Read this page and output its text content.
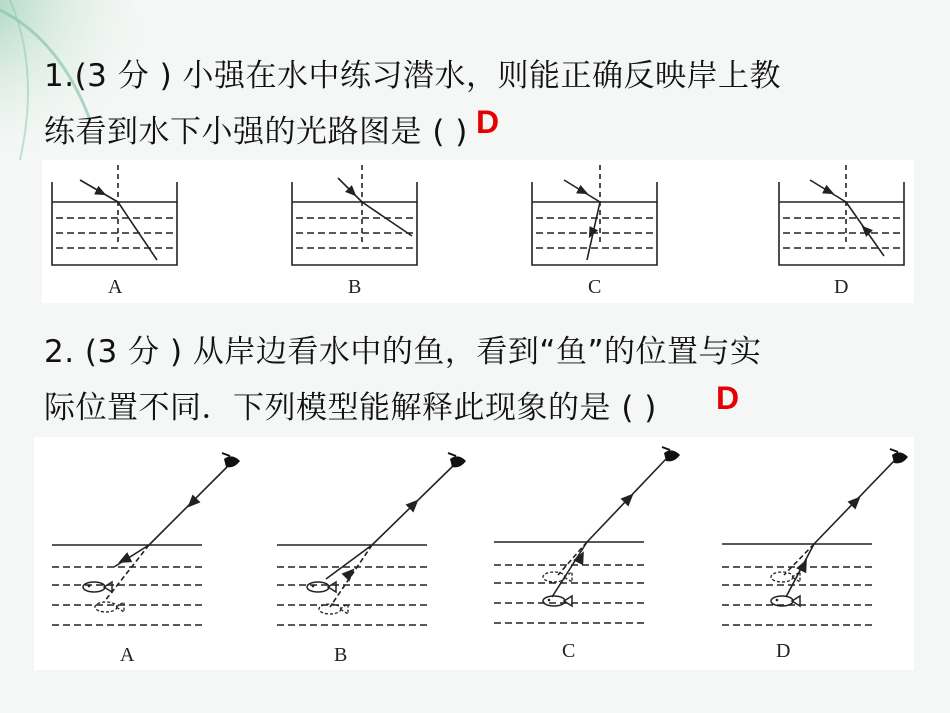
1.(3 分 ) 小强在水中练习潜水，则能正确反映岸上教
练看到水下小强的光路图是 ( ) D
A	B	C	D
2. (3 分 ) 从岸边看水中的鱼，看到“鱼”的位置与实
际位置不同．下列模型能解释此现象的是 ( ) D
A	B	C	D
